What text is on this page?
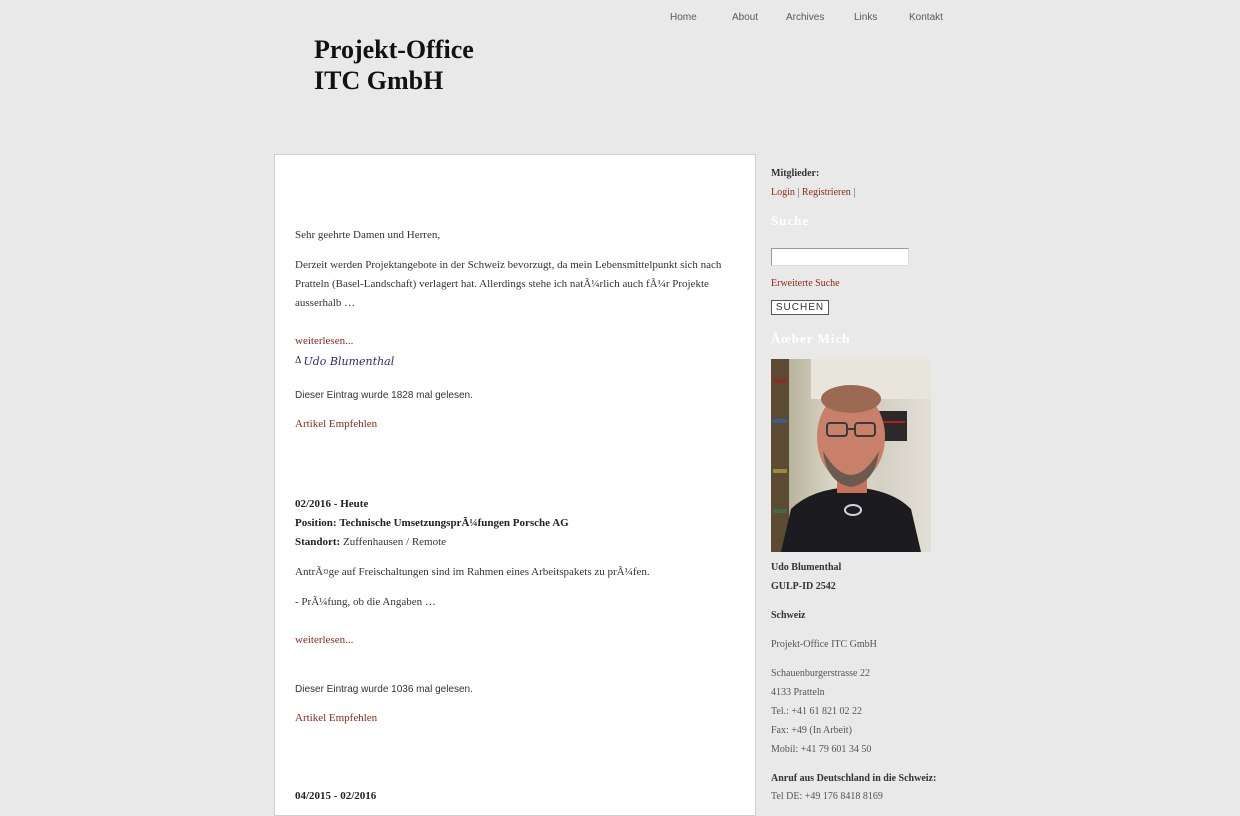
Home	About	Archives	Links	Kontakt
Projekt-Office
ITC GmbH
Sehr geehrte Damen und Herren,
Derzeit werden Projektangebote in der Schweiz bevorzugt, da mein Lebensmittelpunkt sich nach Pratteln (Basel-Landschaft) verlagert hat. Allerdings stehe ich natÃ¼rlich auch fÃ¼r Projekte ausserhalb …
weiterlesen...
Δ Udo Blumenthal
Dieser Eintrag wurde 1828 mal gelesen.
Artikel Empfehlen
02/2016 - Heute
Position: Technische UmsetzungsprÃ¼fungen Porsche AG
Standort: Zuffenhausen / Remote
AntrÃ¤ge auf Freischaltungen sind im Rahmen eines Arbeitspakets zu prÃ¼fen.
- PrÃ¼fung, ob die Angaben …
weiterlesen...
Dieser Eintrag wurde 1036 mal gelesen.
Artikel Empfehlen
04/2015 - 02/2016
Mitglieder:
Login | Registrieren |
Suche
Erweiterte Suche
SUCHEN
Ãœber Mich
Udo Blumenthal
GULP-ID 2542
Schweiz
Projekt-Office ITC GmbH
Schauenburgerstrasse 22
4133 Pratteln
Tel.: +41 61 821 02 22
Fax: +49 (In Arbeit)
Mobil: +41 79 601 34 50
Anruf aus Deutschland in die Schweiz:
Tel DE: +49 176 8418 8169
